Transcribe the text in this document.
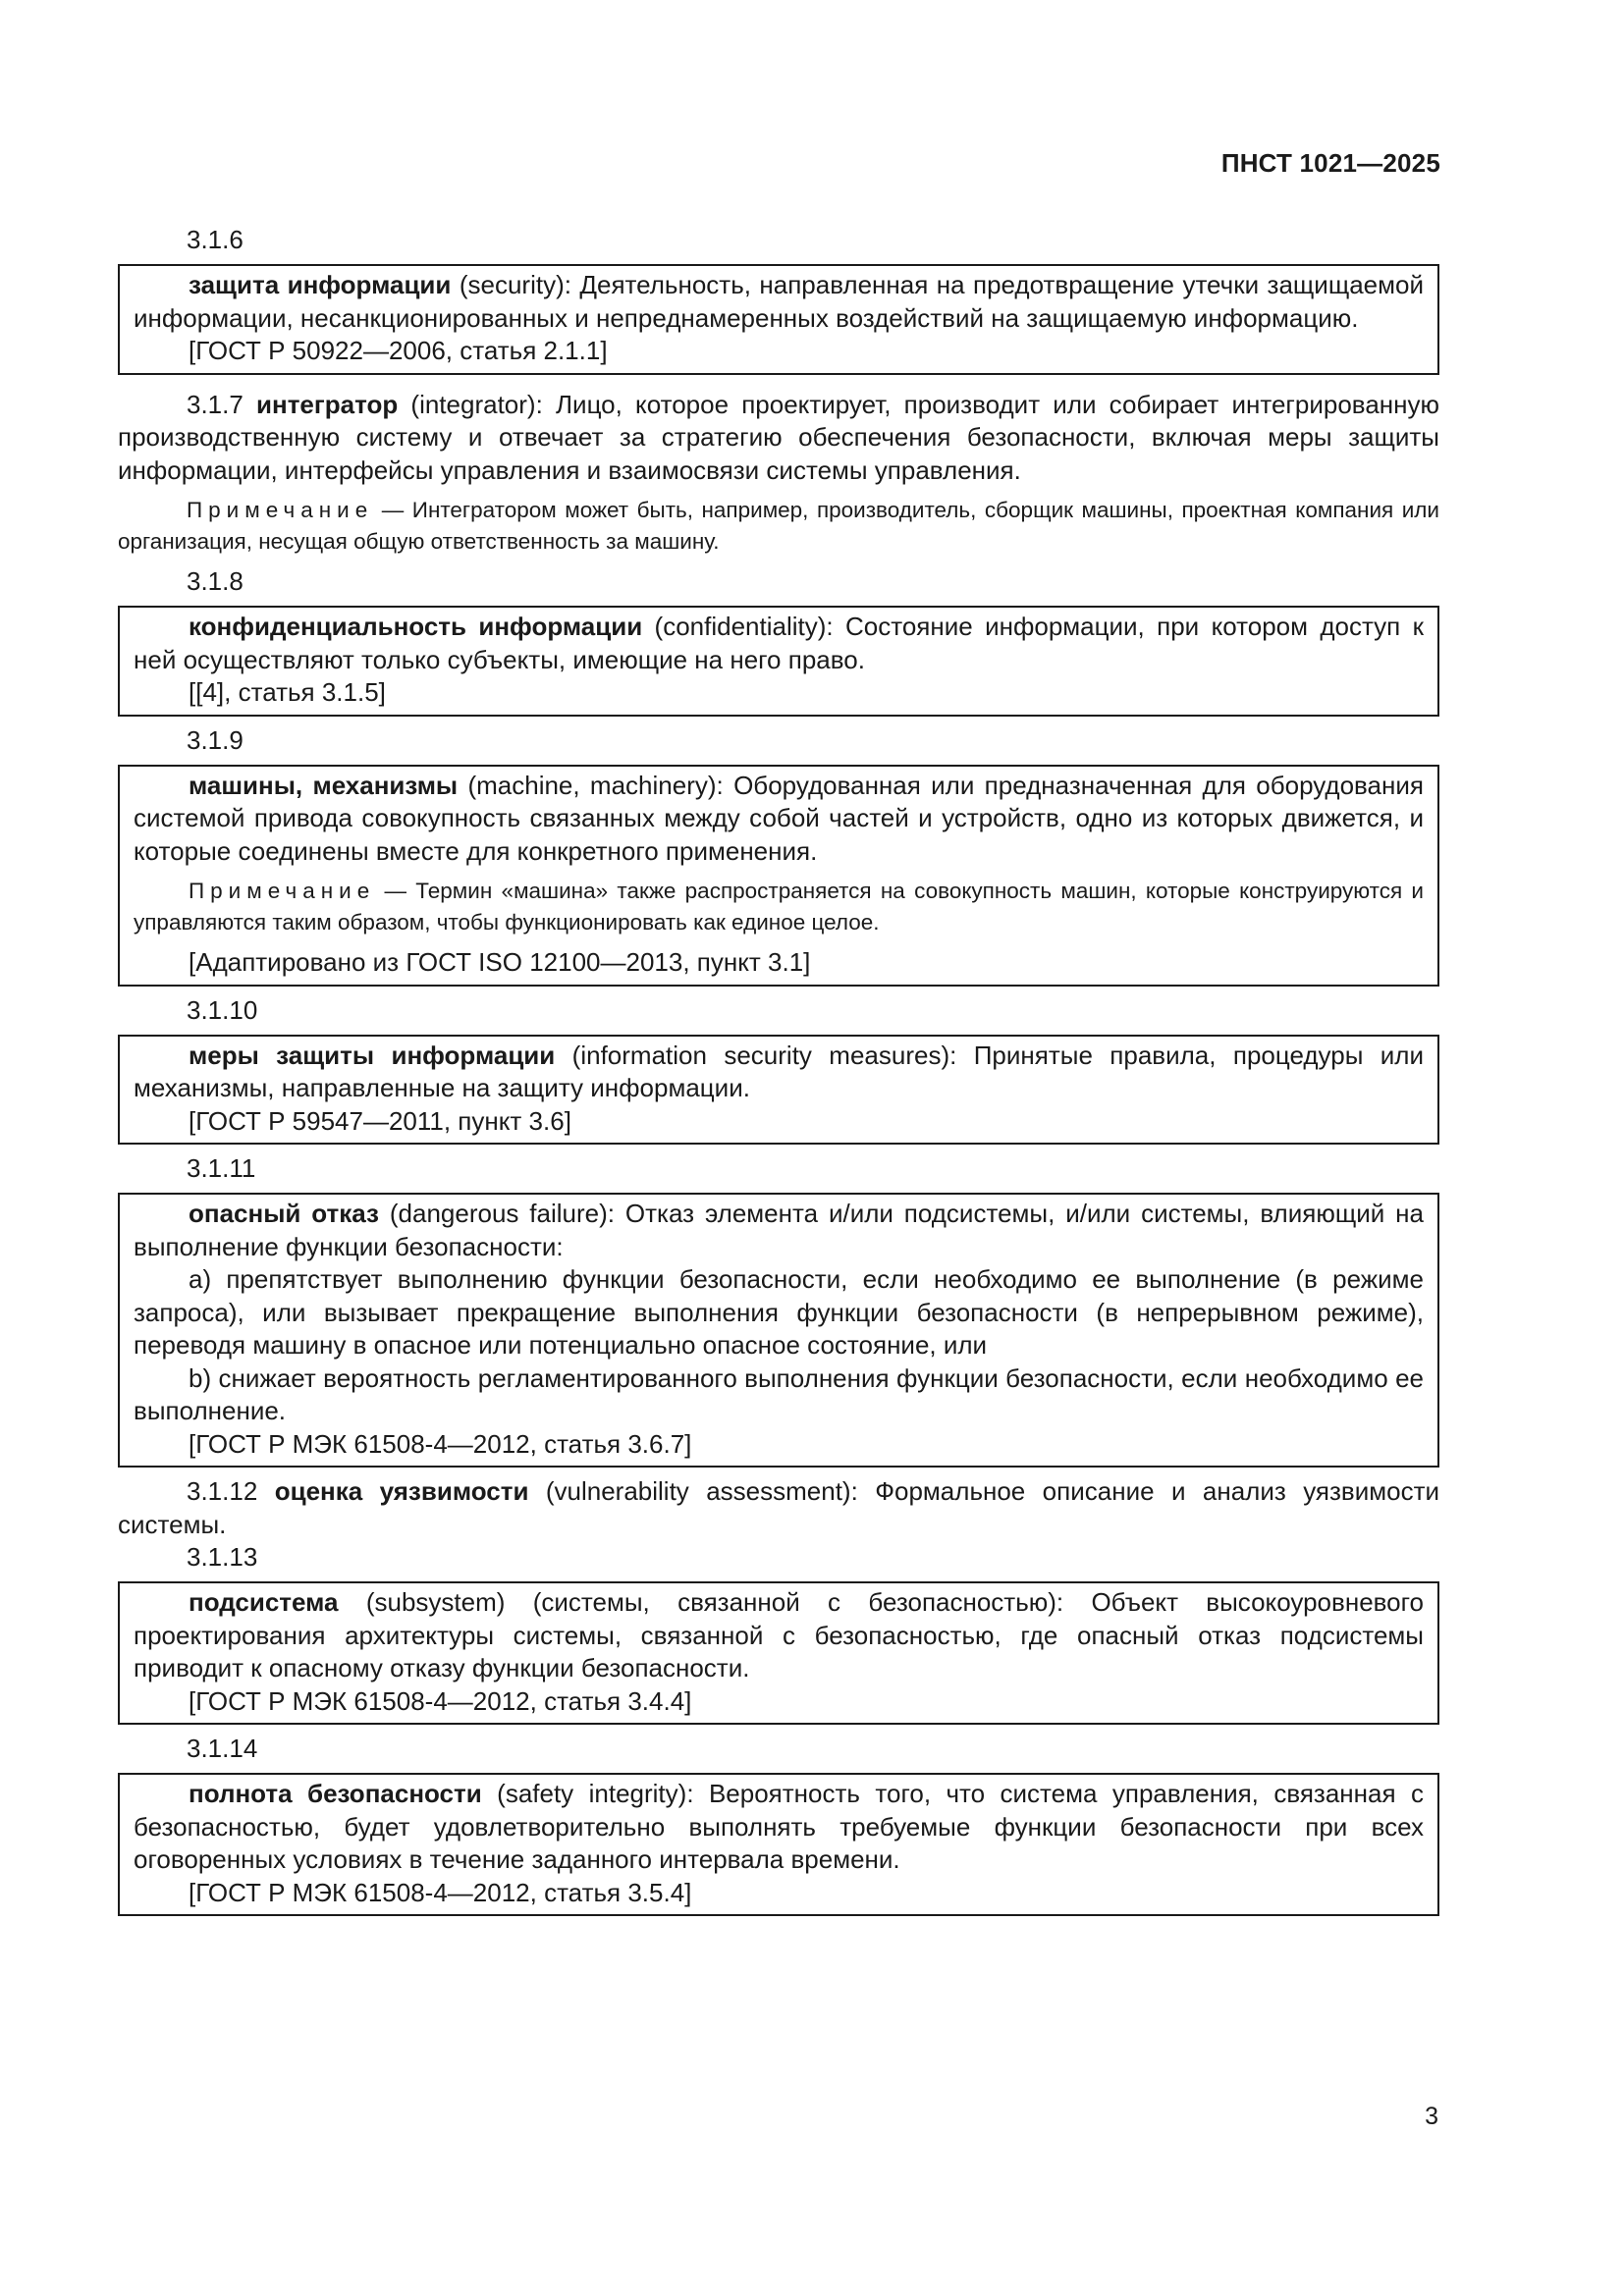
ПНСТ 1021—2025

3.1.6

защита информации (security): Деятельность, направленная на предотвращение утечки защищаемой информации, несанкционированных и непреднамеренных воздействий на защищаемую информацию.

[ГОСТ Р 50922—2006, статья 2.1.1]

3.1.7 интегратор (integrator): Лицо, которое проектирует, производит или собирает интегрированную производственную систему и отвечает за стратегию обеспечения безопасности, включая меры защиты информации, интерфейсы управления и взаимосвязи системы управления.

Примечание — Интегратором может быть, например, производитель, сборщик машины, проектная компания или организация, несущая общую ответственность за машину.

3.1.8

конфиденциальность информации (confidentiality): Состояние информации, при котором доступ к ней осуществляют только субъекты, имеющие на него право.

[[4], статья 3.1.5]

3.1.9

машины, механизмы (machine, machinery): Оборудованная или предназначенная для оборудования системой привода совокупность связанных между собой частей и устройств, одно из которых движется, и которые соединены вместе для конкретного применения.

Примечание — Термин «машина» также распространяется на совокупность машин, которые конструируются и управляются таким образом, чтобы функционировать как единое целое.

[Адаптировано из ГОСТ ISO 12100—2013, пункт 3.1]

3.1.10

меры защиты информации (information security measures): Принятые правила, процедуры или механизмы, направленные на защиту информации.

[ГОСТ Р 59547—2011, пункт 3.6]

3.1.11

опасный отказ (dangerous failure): Отказ элемента и/или подсистемы, и/или системы, влияющий на выполнение функции безопасности:

а) препятствует выполнению функции безопасности, если необходимо ее выполнение (в режиме запроса), или вызывает прекращение выполнения функции безопасности (в непрерывном режиме), переводя машину в опасное или потенциально опасное состояние, или

b) снижает вероятность регламентированного выполнения функции безопасности, если необходимо ее выполнение.

[ГОСТ Р МЭК 61508-4—2012, статья 3.6.7]

3.1.12 оценка уязвимости (vulnerability assessment): Формальное описание и анализ уязвимости системы.

3.1.13

подсистема (subsystem) (системы, связанной с безопасностью): Объект высокоуровневого проектирования архитектуры системы, связанной с безопасностью, где опасный отказ подсистемы приводит к опасному отказу функции безопасности.

[ГОСТ Р МЭК 61508-4—2012, статья 3.4.4]

3.1.14

полнота безопасности (safety integrity): Вероятность того, что система управления, связанная с безопасностью, будет удовлетворительно выполнять требуемые функции безопасности при всех оговоренных условиях в течение заданного интервала времени.

[ГОСТ Р МЭК 61508-4—2012, статья 3.5.4]

3
